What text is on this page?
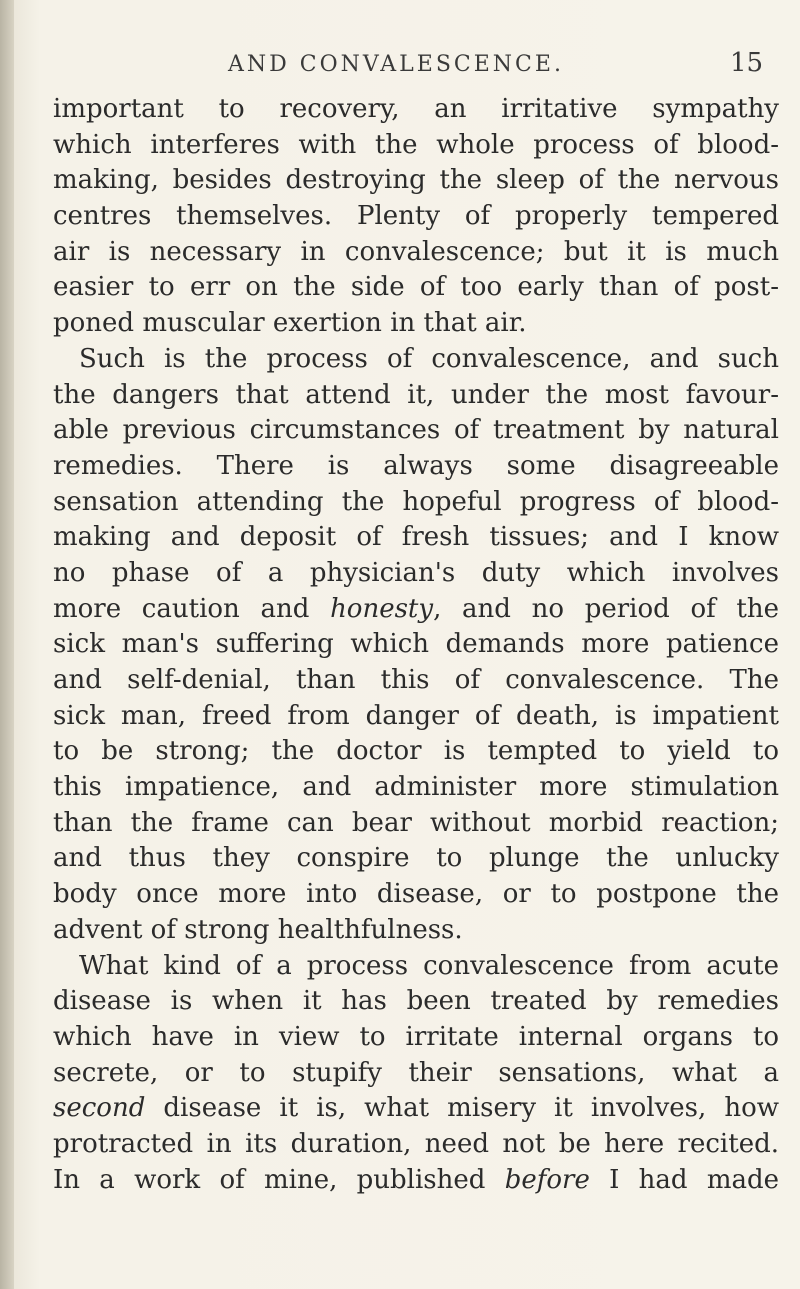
AND CONVALESCENCE.	15
important to recovery, an irritative sympathy
which interferes with the whole process of blood-
making, besides destroying the sleep of the nervous
centres themselves. Plenty of properly tempered
air is necessary in convalescence; but it is much
easier to err on the side of too early than of post-
poned muscular exertion in that air.
Such is the process of convalescence, and such
the dangers that attend it, under the most favour-
able previous circumstances of treatment by natural
remedies. There is always some disagreeable
sensation attending the hopeful progress of blood-
making and deposit of fresh tissues; and I know
no phase of a physician's duty which involves
more caution and honesty, and no period of the
sick man's suffering which demands more patience
and self-denial, than this of convalescence. The
sick man, freed from danger of death, is impatient
to be strong; the doctor is tempted to yield to
this impatience, and administer more stimulation
than the frame can bear without morbid reaction;
and thus they conspire to plunge the unlucky
body once more into disease, or to postpone the
advent of strong healthfulness.
What kind of a process convalescence from acute
disease is when it has been treated by remedies
which have in view to irritate internal organs to
secrete, or to stupify their sensations, what a
second disease it is, what misery it involves, how
protracted in its duration, need not be here recited.
In a work of mine, published before I had made
